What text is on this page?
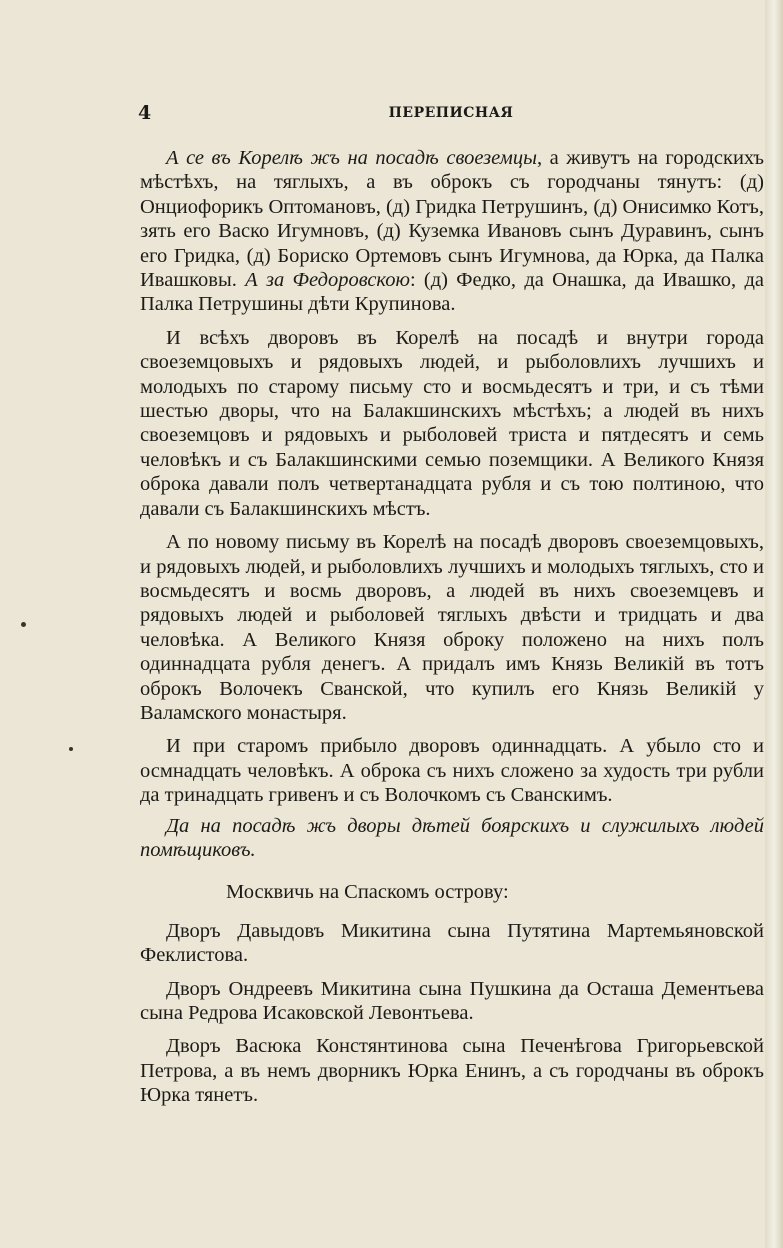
4	ПЕРЕПИСНАЯ

А се въ Корелѣ жъ на посадѣ своеземцы, а живутъ на городскихъ мѣстѣхъ, на тяглыхъ, а въ оброкъ съ городчаны тянутъ: (д) Онциофорикъ Оптомановъ, (д) Гридка Петрушинъ, (д) Онисимко Котъ, зять его Васко Игумновъ, (д) Куземка Ивановъ сынъ Дуравинъ, сынъ его Гридка, (д) Бориско Ортемовъ сынъ Игумнова, да Юрка, да Палка Ивашковы. А за Федоровскою: (д) Федко, да Онашка, да Ивашко, да Палка Петрушины дѣти Крупинова.

И всѣхъ дворовъ въ Корелѣ на посадѣ и внутри города своеземцовыхъ и рядовыхъ людей, и рыболовлихъ лучшихъ и молодыхъ по старому письму сто и восмьдесятъ и три, и съ тѣми шестью дворы, что на Балакшинскихъ мѣстѣхъ; а людей въ нихъ своеземцовъ и рядовыхъ и рыболовей триста и пятдесятъ и семь человѣкъ и съ Балакшинскими семью поземщики. А Великого Князя оброка давали полъ четвертанадцата рубля и съ тою полтиною, что давали съ Балакшинскихъ мѣстъ.

А по новому письму въ Корелѣ на посадѣ дворовъ своеземцовыхъ, и рядовыхъ людей, и рыболовлихъ лучшихъ и молодыхъ тяглыхъ, сто и восмьдесятъ и восмь дворовъ, а людей въ нихъ своеземцевъ и рядовыхъ людей и рыболовей тяглыхъ двѣсти и тридцать и два человѣка. А Великого Князя оброку положено на нихъ полъ одиннадцата рубля денегъ. А придалъ имъ Князь Великій въ тотъ оброкъ Волочекъ Сванской, что купилъ его Князь Великій у Валамского монастыря.

И при старомъ прибыло дворовъ одиннадцать. А убыло сто и осмнадцать человѣкъ. А оброка съ нихъ сложено за худость три рубли да тринадцать гривенъ и съ Волочкомъ съ Сванскимъ.

Да на посадѣ жъ дворы дѣтей боярскихъ и служилыхъ людей помѣщиковъ.

Москвичь на Спаскомъ острову:

Дворъ Давыдовъ Микитина сына Путятина Мартемьяновской Феклистова.

Дворъ Ондреевъ Микитина сына Пушкина да Осташа Дементьева сына Редрова Исаковской Левонтьева.

Дворъ Васюка Констянтинова сына Печенѣгова Григорьевской Петрова, а въ немъ дворникъ Юрка Енинъ, а съ городчаны въ оброкъ Юрка тянетъ.
